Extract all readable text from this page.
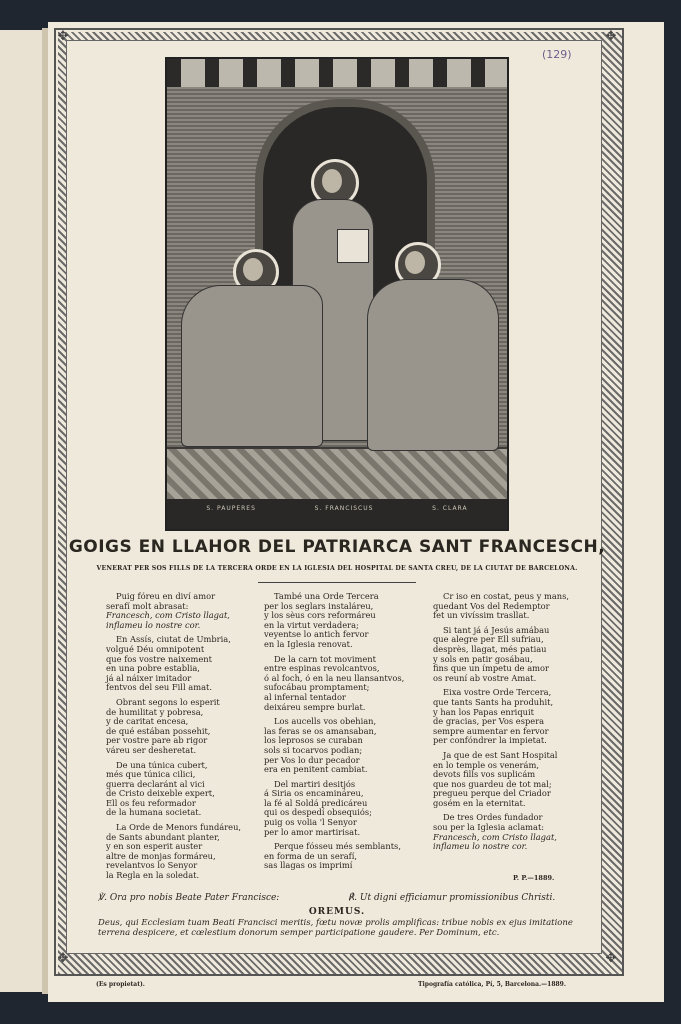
✥	✥
✥	✥
(129)
S. PAUPERES	S. FRANCISCUS	S. CLARA
GOIGS EN LLAHOR DEL PATRIARCA SANT FRANCESCH,
VENERAT PER SOS FILLS DE LA TERCERA ORDE EN LA IGLESIA DEL HOSPITAL DE SANTA CREU, DE LA CIUTAT DE BARCELONA.
Puig fóreu en diví amor
serafí molt abrasat:
Francesch, com Cristo llagat,
inflameu lo nostre cor.
En Assís, ciutat de Umbria,
volgué Déu omnipotent
que fos vostre naixement
en una pobre establia,
já al náixer imitador
fentvos del seu Fill amat.
Obrant segons lo esperit
de humilitat y pobresa,
y de caritat encesa,
de qué estában possehit,
per vostre pare ab rigor
váreu ser desheretat.
De una túnica cubert,
més que túnica cilici,
guerra declaránt al vici
de Cristo deixeble expert,
Ell os feu reformador
de la humana societat.
La Orde de Menors fundáreu,
de Sants abundant planter,
y en son esperit auster
altre de monjas formáreu,
revelantvos lo Senyor
la Regla en la soledat.
També una Orde Tercera
per los seglars instaláreu,
y los sèus cors reformáreu
en la virtut verdadera;
veyentse lo antich fervor
en la Iglesia renovat.
De la carn tot moviment
entre espinas revolcantvos,
ó al foch, ó en la neu llansantvos,
sufocábau promptament;
al infernal tentador
deixáreu sempre burlat.
Los aucells vos obehian,
las feras se os amansaban,
los leprosos se curaban
sols si tocarvos podian;
per Vos lo dur pecador
era en penitent cambiat.
Del martiri desitjós
á Siria os encamináreu,
la fé al Soldá predicáreu
qui os despedí obsequiós;
puig os volia 'l Senyor
per lo amor martirisat.
Perque fósseu més semblants,
en forma de un serafí,
sas llagas os imprimí
Cr iso en costat, peus y mans,
quedant Vos del Redemptor
fet un vivíssim trasllat.
Si tant já á Jesús amábau
que alegre per Ell sufriau,
desprès, llagat, més patiau
y sols en patir gosábau,
fins que un ímpetu de amor
os reuní ab vostre Amat.
Eixa vostre Orde Tercera,
que tants Sants ha produhit,
y han los Papas enriquit
de gracias, per Vos espera
sempre aumentar en fervor
per confóndrer la impietat.
Ja que de est Sant Hospital
en lo temple os venerám,
devots fills vos suplicám
que nos guardeu de tot mal;
pregueu perque del Criador
gosém en la eternitat.
De tres Ordes fundador
sou per la Iglesia aclamat:
Francesch, com Cristo llagat,
inflameu lo nostre cor.
P. P.—1889.
℣. Ora pro nobis Beate Pater Francisce:	℟. Ut digni efficiamur promissionibus Christi.
OREMUS.
Deus, qui Ecclesiam tuam Beati Francisci meritis, fœtu novæ prolis amplificas: tribue nobis ex ejus imitatione terrena despicere, et cœlestium donorum semper participatione gaudere. Per Dominum, etc.
(Es propietat).	Tipografía católica, Pí, 5, Barcelona.—1889.
